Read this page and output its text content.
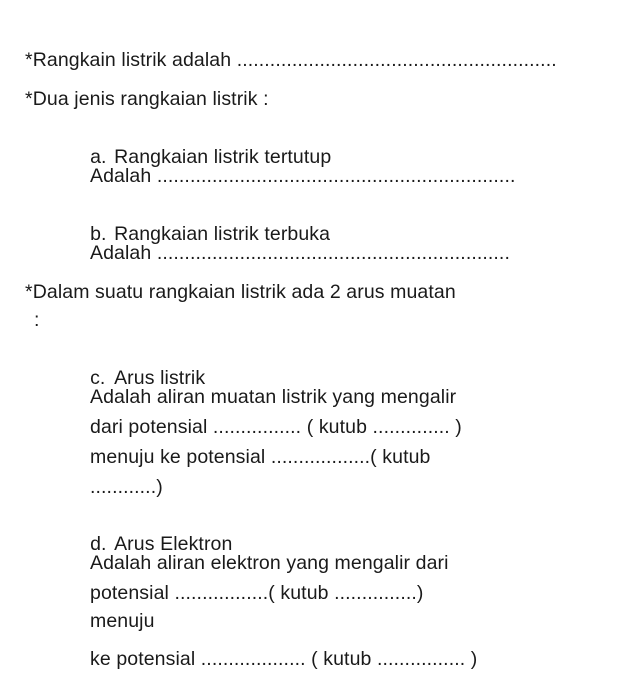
*Rangkain listrik adalah ..........................................................
*Dua jenis rangkaian listrik :

a. Rangkaian listrik tertutup

Adalah .................................................................

b. Rangkaian listrik terbuka

Adalah ................................................................
*Dalam suatu rangkaian listrik ada 2 arus muatan
:

c. Arus listrik

Adalah aliran muatan listrik yang mengalir
dari potensial ................ ( kutub .............. )
menuju ke potensial ..................( kutub
............)

d. Arus Elektron

Adalah aliran elektron yang mengalir dari
potensial .................( kutub ...............)
menuju
ke potensial ................... ( kutub ................ )
